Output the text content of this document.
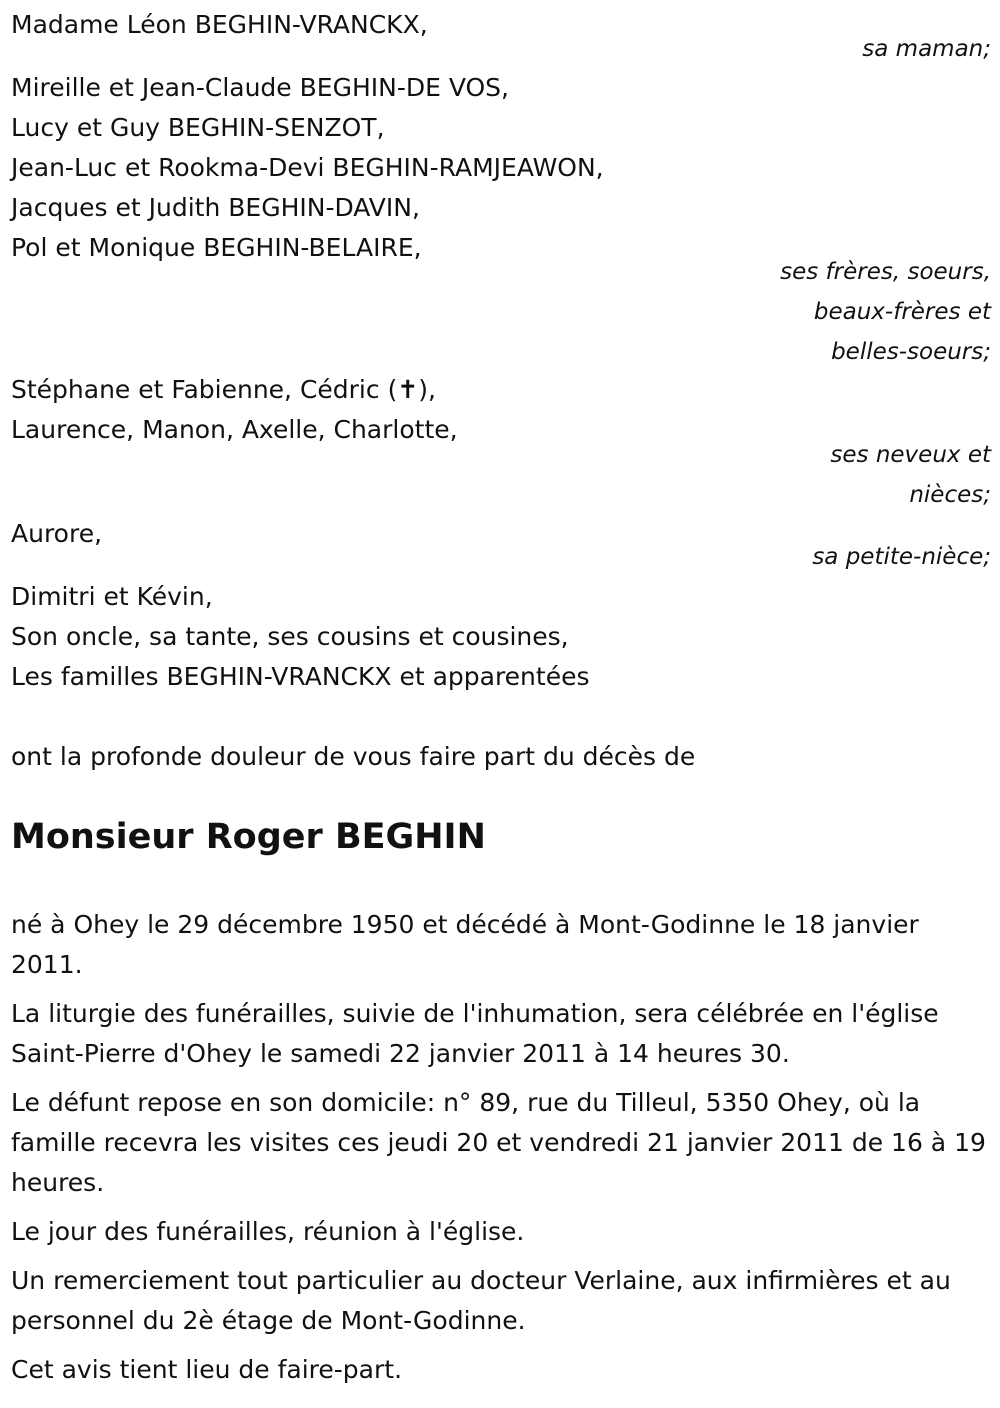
Madame Léon BEGHIN-VRANCKX,
sa maman;
Mireille et Jean-Claude BEGHIN-DE VOS,
Lucy et Guy BEGHIN-SENZOT,
Jean-Luc et Rookma-Devi BEGHIN-RAMJEAWON,
Jacques et Judith BEGHIN-DAVIN,
Pol et Monique BEGHIN-BELAIRE,
ses frères, soeurs,
beaux-frères et
belles-soeurs;
Stéphane et Fabienne, Cédric (✝),
Laurence, Manon, Axelle, Charlotte,
ses neveux et
nièces;
Aurore,
sa petite-nièce;
Dimitri et Kévin,
Son oncle, sa tante, ses cousins et cousines,
Les familles BEGHIN-VRANCKX et apparentées
ont la profonde douleur de vous faire part du décès de
Monsieur Roger BEGHIN

né à Ohey le 29 décembre 1950 et décédé à Mont-Godinne le 18 janvier 2011.

La liturgie des funérailles, suivie de l'inhumation, sera célébrée en l'église Saint-Pierre d'Ohey le samedi 22 janvier 2011 à 14 heures 30.

Le défunt repose en son domicile: n° 89, rue du Tilleul, 5350 Ohey, où la famille recevra les visites ces jeudi 20 et vendredi 21 janvier 2011 de 16 à 19 heures.

Le jour des funérailles, réunion à l'église.

Un remerciement tout particulier au docteur Verlaine, aux infirmières et au personnel du 2è étage de Mont-Godinne.

Cet avis tient lieu de faire-part.
